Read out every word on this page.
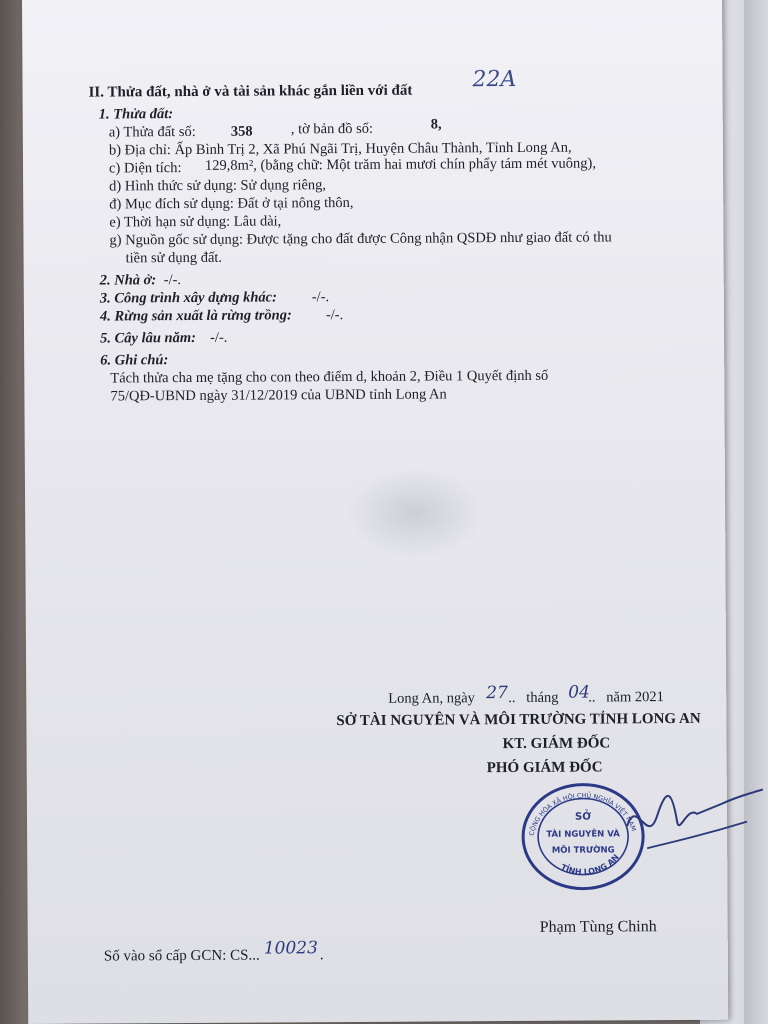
II. Thửa đất, nhà ở và tài sản khác gắn liền với đất	22A
1. Thửa đất:
a) Thửa đất số: 358	, tờ bản đồ số:	8,
b) Địa chỉ: Ấp Bình Trị 2, Xã Phú Ngãi Trị, Huyện Châu Thành, Tỉnh Long An,
c) Diện tích: 129,8m², (bằng chữ: Một trăm hai mươi chín phẩy tám mét vuông),
d) Hình thức sử dụng: Sử dụng riêng,
đ) Mục đích sử dụng: Đất ở tại nông thôn,
e) Thời hạn sử dụng: Lâu dài,
g) Nguồn gốc sử dụng: Được tặng cho đất được Công nhận QSDĐ như giao đất có thu
tiền sử dụng đất.
2. Nhà ở: -/-.
3. Công trình xây dựng khác: -/-.
4. Rừng sản xuất là rừng trồng: -/-.
5. Cây lâu năm: -/-.
6. Ghi chú:
Tách thửa cha mẹ tặng cho con theo điểm d, khoản 2, Điều 1 Quyết định số
75/QĐ-UBND ngày 31/12/2019 của UBND tỉnh Long An
Long An, ngày 27 .. tháng 04
.. năm 2021
SỞ TÀI NGUYÊN VÀ MÔI TRƯỜNG TỈNH LONG AN
KT. GIÁM ĐỐC
PHÓ GIÁM ĐỐC
CỘNG HÒA XÃ HỘI CHỦ NGHĨA VIỆT NAM
TỈNH LONG AN
SỞ
TÀI NGUYÊN VÀ
MÔI TRƯỜNG
Phạm Tùng Chinh
Số vào sổ cấp GCN: CS... 10023 .
